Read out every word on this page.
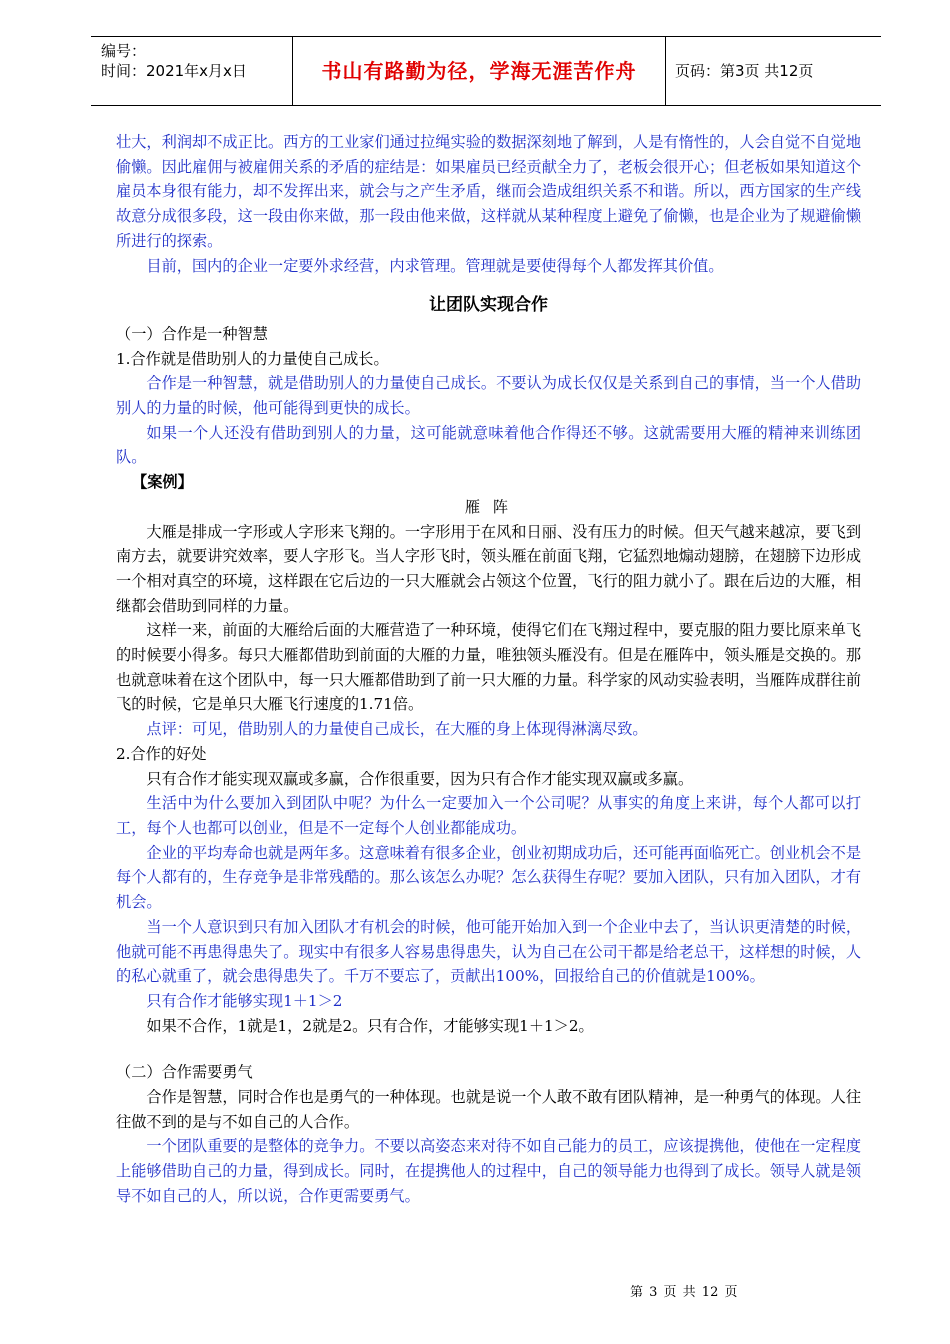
编号：
时间：2021年x月x日	书山有路勤为径，学海无涯苦作舟	页码：第3页 共12页

壮大，利润却不成正比。西方的工业家们通过拉绳实验的数据深刻地了解到，人是有惰性的，人会自觉不自觉地偷懒。因此雇佣与被雇佣关系的矛盾的症结是：如果雇员已经贡献全力了，老板会很开心；但老板如果知道这个雇员本身很有能力，却不发挥出来，就会与之产生矛盾，继而会造成组织关系不和谐。所以，西方国家的生产线故意分成很多段，这一段由你来做，那一段由他来做，这样就从某种程度上避免了偷懒，也是企业为了规避偷懒所进行的探索。

目前，国内的企业一定要外求经营，内求管理。管理就是要使得每个人都发挥其价值。

让团队实现合作

（一）合作是一种智慧

1.合作就是借助别人的力量使自己成长。

合作是一种智慧，就是借助别人的力量使自己成长。不要认为成长仅仅是关系到自己的事情，当一个人借助别人的力量的时候，他可能得到更快的成长。

如果一个人还没有借助到别人的力量，这可能就意味着他合作得还不够。这就需要用大雁的精神来训练团队。

【案例】

雁 阵

大雁是排成一字形或人字形来飞翔的。一字形用于在风和日丽、没有压力的时候。但天气越来越凉，要飞到南方去，就要讲究效率，要人字形飞。当人字形飞时，领头雁在前面飞翔，它猛烈地煽动翅膀，在翅膀下边形成一个相对真空的环境，这样跟在它后边的一只大雁就会占领这个位置，飞行的阻力就小了。跟在后边的大雁，相继都会借助到同样的力量。

这样一来，前面的大雁给后面的大雁营造了一种环境，使得它们在飞翔过程中，要克服的阻力要比原来单飞的时候要小得多。每只大雁都借助到前面的大雁的力量，唯独领头雁没有。但是在雁阵中，领头雁是交换的。那也就意味着在这个团队中，每一只大雁都借助到了前一只大雁的力量。科学家的风动实验表明，当雁阵成群往前飞的时候，它是单只大雁飞行速度的1.71倍。

点评：可见，借助别人的力量使自己成长，在大雁的身上体现得淋漓尽致。

2.合作的好处

只有合作才能实现双赢或多赢，合作很重要，因为只有合作才能实现双赢或多赢。

生活中为什么要加入到团队中呢？为什么一定要加入一个公司呢？从事实的角度上来讲，每个人都可以打工，每个人也都可以创业，但是不一定每个人创业都能成功。

企业的平均寿命也就是两年多。这意味着有很多企业，创业初期成功后，还可能再面临死亡。创业机会不是每个人都有的，生存竞争是非常残酷的。那么该怎么办呢？怎么获得生存呢？要加入团队，只有加入团队，才有机会。

当一个人意识到只有加入团队才有机会的时候，他可能开始加入到一个企业中去了，当认识更清楚的时候，他就可能不再患得患失了。现实中有很多人容易患得患失，认为自己在公司干都是给老总干，这样想的时候，人的私心就重了，就会患得患失了。千万不要忘了，贡献出100%，回报给自己的价值就是100%。

只有合作才能够实现1＋1＞2

如果不合作，1就是1，2就是2。只有合作，才能够实现1＋1＞2。

（二）合作需要勇气

合作是智慧，同时合作也是勇气的一种体现。也就是说一个人敢不敢有团队精神，是一种勇气的体现。人往往做不到的是与不如自己的人合作。

一个团队重要的是整体的竞争力。不要以高姿态来对待不如自己能力的员工，应该提携他，使他在一定程度上能够借助自己的力量，得到成长。同时，在提携他人的过程中，自己的领导能力也得到了成长。领导人就是领导不如自己的人，所以说，合作更需要勇气。

第 3 页 共 12 页
